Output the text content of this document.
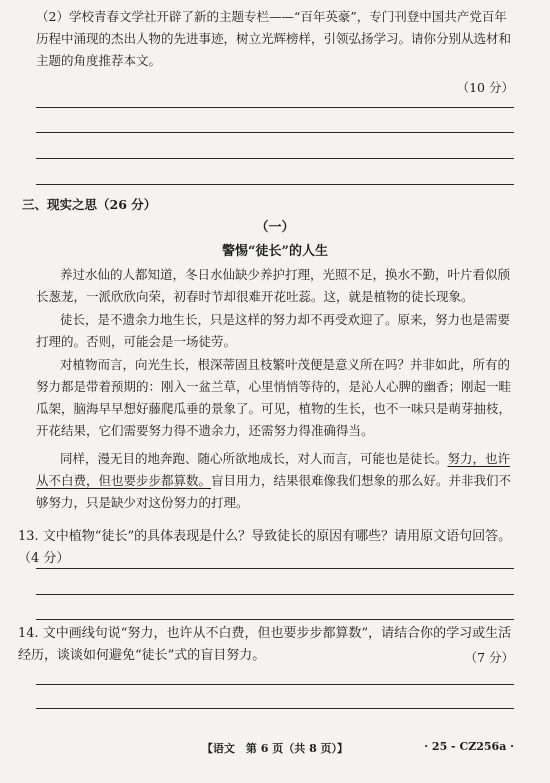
（2）学校青春文学社开辟了新的主题专栏——“百年英豪”，专门刊登中国共产党百年历程中涌现的杰出人物的先进事迹，树立光辉榜样，引领弘扬学习。请你分别从选材和主题的角度推荐本文。
（10 分）
三、现实之思（26 分）
（一）
警惕“徒长”的人生
养过水仙的人都知道，冬日水仙缺少养护打理，光照不足，换水不勤，叶片看似颀长葱茏，一派欣欣向荣，初春时节却很难开花吐蕊。这，就是植物的徒长现象。
徒长，是不遗余力地生长，只是这样的努力却不再受欢迎了。原来，努力也是需要打理的。否则，可能会是一场徒劳。
对植物而言，向光生长，根深蒂固且枝繁叶茂便是意义所在吗？并非如此，所有的努力都是带着预期的：刚入一盆兰草，心里悄悄等待的，是沁人心脾的幽香；刚起一畦瓜架，脑海早早想好藤爬瓜垂的景象了。可见，植物的生长，也不一味只是萌芽抽枝，开花结果，它们需要努力得不遗余力，还需努力得准确得当。
同样，漫无目的地奔跑、随心所欲地成长，对人而言，可能也是徒长。努力，也许从不白费，但也要步步都算数。盲目用力，结果很难像我们想象的那么好。并非我们不够努力，只是缺少对这份努力的打理。
13. 文中植物“徒长”的具体表现是什么？导致徒长的原因有哪些？请用原文语句回答。（4 分）
14. 文中画线句说“努力，也许从不白费，但也要步步都算数”，请结合你的学习或生活经历，谈谈如何避免“徒长”式的盲目努力。	（7 分）
【语文　第 6 页（共 8 页）】	· 25 - CZ256a ·
